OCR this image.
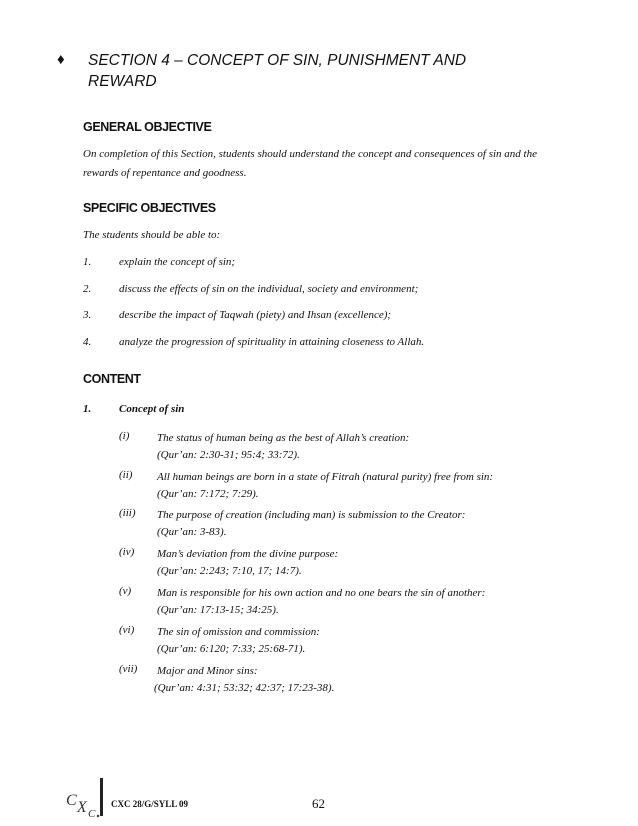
♦ SECTION 4 – CONCEPT OF SIN, PUNISHMENT AND
REWARD
GENERAL OBJECTIVE
On completion of this Section, students should understand the concept and consequences of sin and the rewards of repentance and goodness.
SPECIFIC OBJECTIVES
The students should be able to:
1.	explain the concept of sin;
2.	discuss the effects of sin on the individual, society and environment;
3.	describe the impact of Taqwah (piety) and Ihsan (excellence);
4.	analyze the progression of spirituality in attaining closeness to Allah.
CONTENT
1.	Concept of sin
(i)	The status of human being as the best of Allah’s creation:
(Qur’an: 2:30-31; 95:4; 33:72).
(ii) All human beings are born in a state of Fitrah (natural purity) free from sin:
(Qur’an: 7:172; 7:29).
(iii) The purpose of creation (including man) is submission to the Creator:
(Qur’an: 3-83).
(iv) Man’s deviation from the divine purpose:
(Qur’an: 2:243; 7:10, 17; 14:7).
(v) Man is responsible for his own action and no one bears the sin of another:
(Qur’an: 17:13-15; 34:25).
(vi) The sin of omission and commission:
(Qur’an: 6:120; 7:33; 25:68-71).
(vii) Major and Minor sins:
(Qur’an: 4:31; 53:32; 42:37; 17:23-38).
C X C
CXC 28/G/SYLL 09	62
